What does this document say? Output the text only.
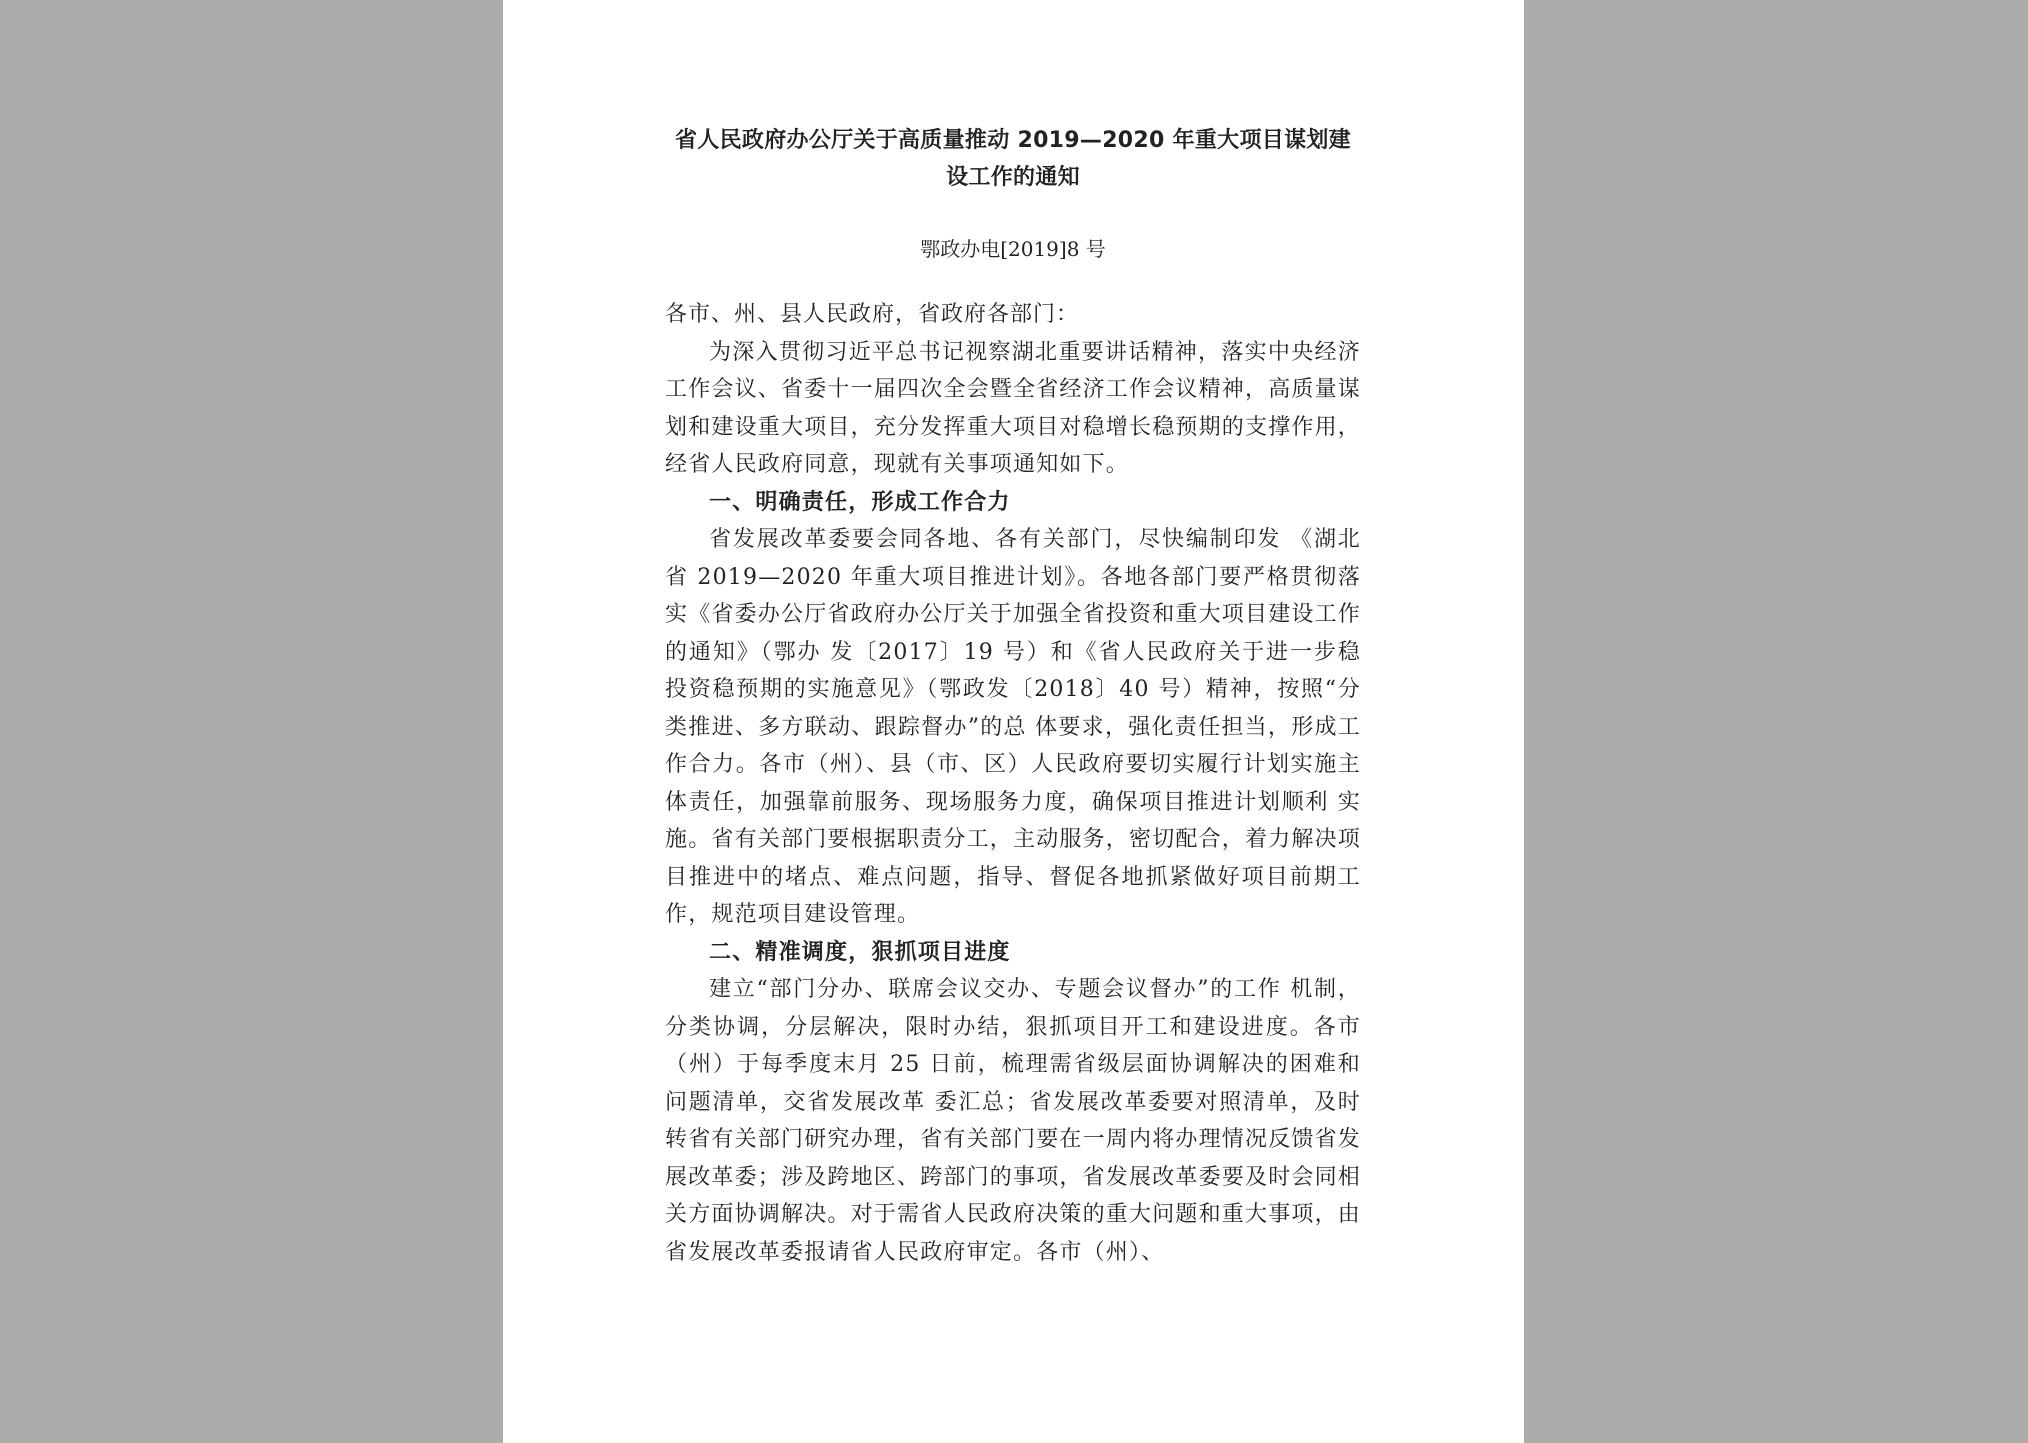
省人民政府办公厅关于高质量推动 2019—2020 年重大项目谋划建
设工作的通知
鄂政办电[2019]8 号
各市、州、县人民政府，省政府各部门：

为深入贯彻习近平总书记视察湖北重要讲话精神，落实中央经济工作会议、省委十一届四次全会暨全省经济工作会议精神，高质量谋划和建设重大项目，充分发挥重大项目对稳增长稳预期的支撑作用，经省人民政府同意，现就有关事项通知如下。

一、明确责任，形成工作合力

省发展改革委要会同各地、各有关部门，尽快编制印发 《湖北省 2019—2020 年重大项目推进计划》。各地各部门要严格贯彻落实《省委办公厅省政府办公厅关于加强全省投资和重大项目建设工作的通知》（鄂办 发〔2017〕19 号）和《省人民政府关于进一步稳投资稳预期的实施意见》（鄂政发〔2018〕40 号）精神，按照“分类推进、多方联动、跟踪督办”的总 体要求，强化责任担当，形成工作合力。各市（州）、县（市、区）人民政府要切实履行计划实施主体责任，加强靠前服务、现场服务力度，确保项目推进计划顺利 实施。省有关部门要根据职责分工，主动服务，密切配合，着力解决项目推进中的堵点、难点问题，指导、督促各地抓紧做好项目前期工作，规范项目建设管理。

二、精准调度，狠抓项目进度

建立“部门分办、联席会议交办、专题会议督办”的工作 机制，分类协调，分层解决，限时办结，狠抓项目开工和建设进度。各市（州）于每季度末月 25 日前，梳理需省级层面协调解决的困难和问题清单，交省发展改革 委汇总；省发展改革委要对照清单，及时转省有关部门研究办理，省有关部门要在一周内将办理情况反馈省发展改革委；涉及跨地区、跨部门的事项，省发展改革委要及时会同相关方面协调解决。对于需省人民政府决策的重大问题和重大事项，由省发展改革委报请省人民政府审定。各市（州）、
